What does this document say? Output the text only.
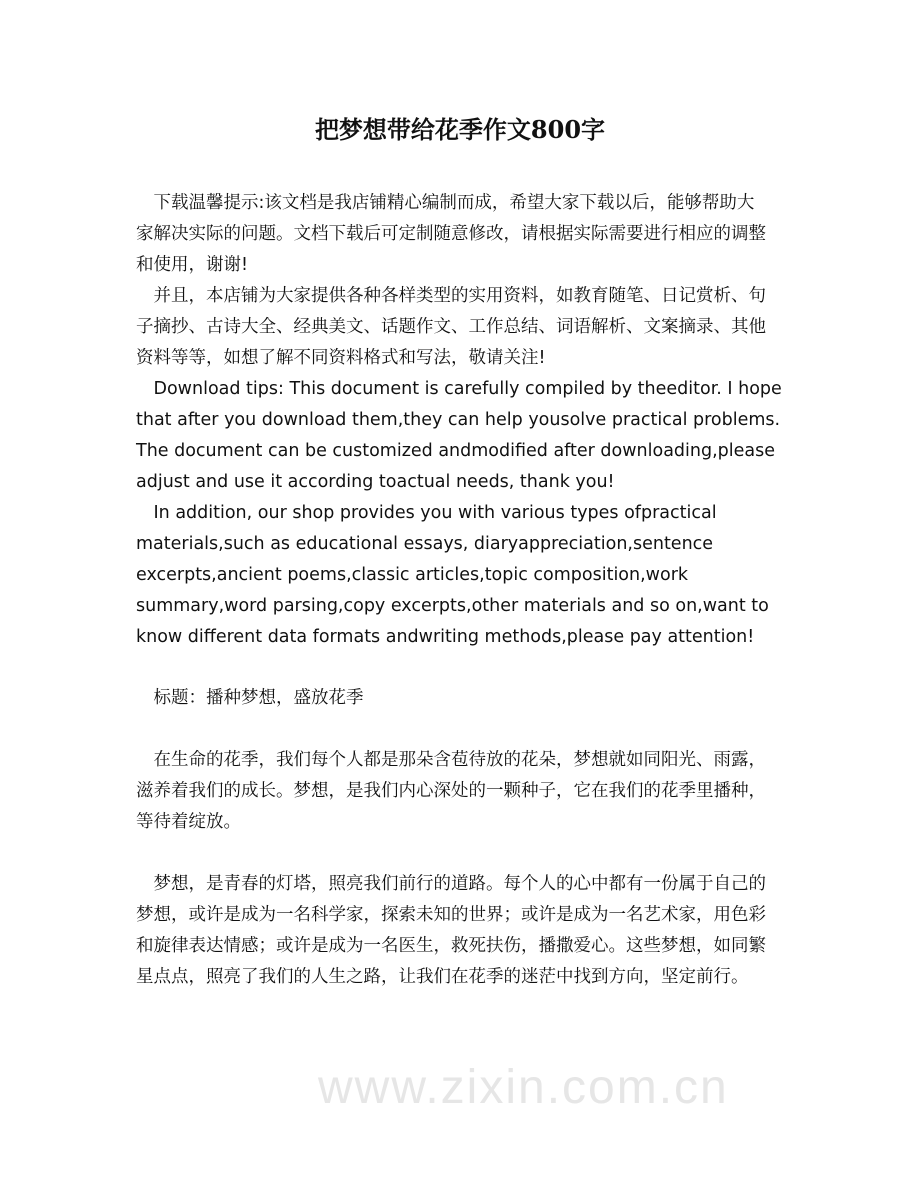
www.zixin.com.cn
把梦想带给花季作文800字
　下载温馨提示:该文档是我店铺精心编制而成，希望大家下载以后，能够帮助大
家解决实际的问题。文档下载后可定制随意修改，请根据实际需要进行相应的调整
和使用，谢谢!
　并且，本店铺为大家提供各种各样类型的实用资料，如教育随笔、日记赏析、句
子摘抄、古诗大全、经典美文、话题作文、工作总结、词语解析、文案摘录、其他
资料等等，如想了解不同资料格式和写法，敬请关注!
　Download tips: This document is carefully compiled by theeditor. I hope
that after you download them,they can help yousolve practical problems.
The document can be customized andmodified after downloading,please
adjust and use it according toactual needs, thank you!
　In addition, our shop provides you with various types ofpractical
materials,such as educational essays, diaryappreciation,sentence
excerpts,ancient poems,classic articles,topic composition,work
summary,word parsing,copy excerpts,other materials and so on,want to
know different data formats andwriting methods,please pay attention!
　标题：播种梦想，盛放花季
　在生命的花季，我们每个人都是那朵含苞待放的花朵，梦想就如同阳光、雨露，
滋养着我们的成长。梦想，是我们内心深处的一颗种子，它在我们的花季里播种，
等待着绽放。
　梦想，是青春的灯塔，照亮我们前行的道路。每个人的心中都有一份属于自己的
梦想，或许是成为一名科学家，探索未知的世界；或许是成为一名艺术家，用色彩
和旋律表达情感；或许是成为一名医生，救死扶伤，播撒爱心。这些梦想，如同繁
星点点，照亮了我们的人生之路，让我们在花季的迷茫中找到方向，坚定前行。
